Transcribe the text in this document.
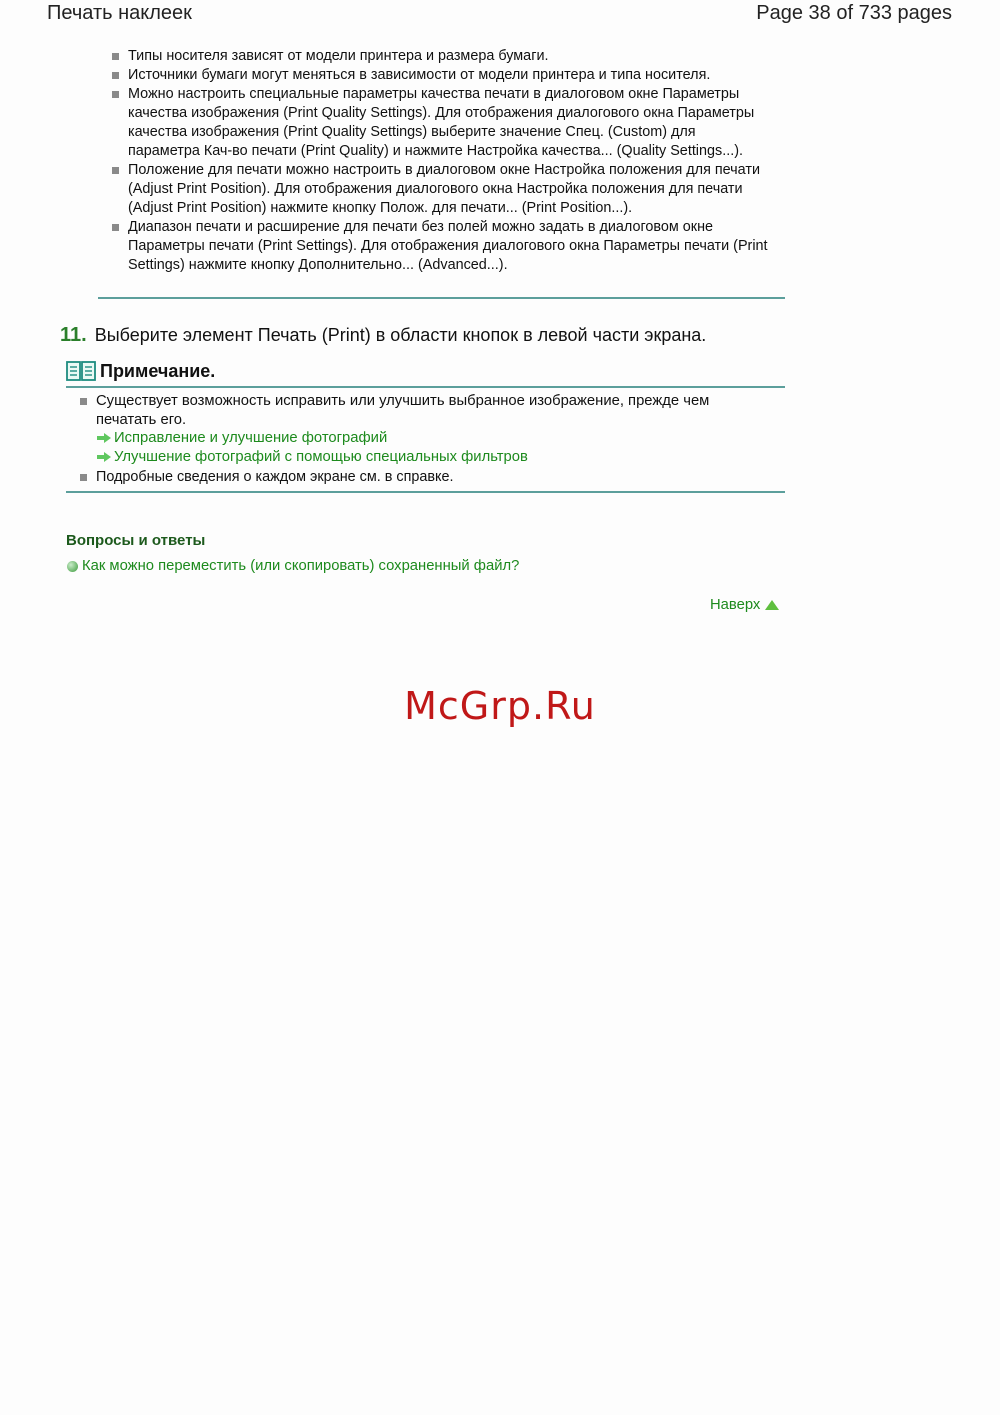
Печать наклеек	Page 38 of 733 pages
Типы носителя зависят от модели принтера и размера бумаги.
Источники бумаги могут меняться в зависимости от модели принтера и типа носителя.
Можно настроить специальные параметры качества печати в диалоговом окне Параметры качества изображения (Print Quality Settings). Для отображения диалогового окна Параметры качества изображения (Print Quality Settings) выберите значение Спец. (Custom) для параметра Кач-во печати (Print Quality) и нажмите Настройка качества... (Quality Settings...).
Положение для печати можно настроить в диалоговом окне Настройка положения для печати (Adjust Print Position). Для отображения диалогового окна Настройка положения для печати (Adjust Print Position) нажмите кнопку Полож. для печати... (Print Position...).
Диапазон печати и расширение для печати без полей можно задать в диалоговом окне Параметры печати (Print Settings). Для отображения диалогового окна Параметры печати (Print Settings) нажмите кнопку Дополнительно... (Advanced...).
11. Выберите элемент Печать (Print) в области кнопок в левой части экрана.
Примечание.
Существует возможность исправить или улучшить выбранное изображение, прежде чем печатать его.
Исправление и улучшение фотографий
Улучшение фотографий с помощью специальных фильтров
Подробные сведения о каждом экране см. в справке.
Вопросы и ответы
Как можно переместить (или скопировать) сохраненный файл?
Наверх
McGrp.Ru
